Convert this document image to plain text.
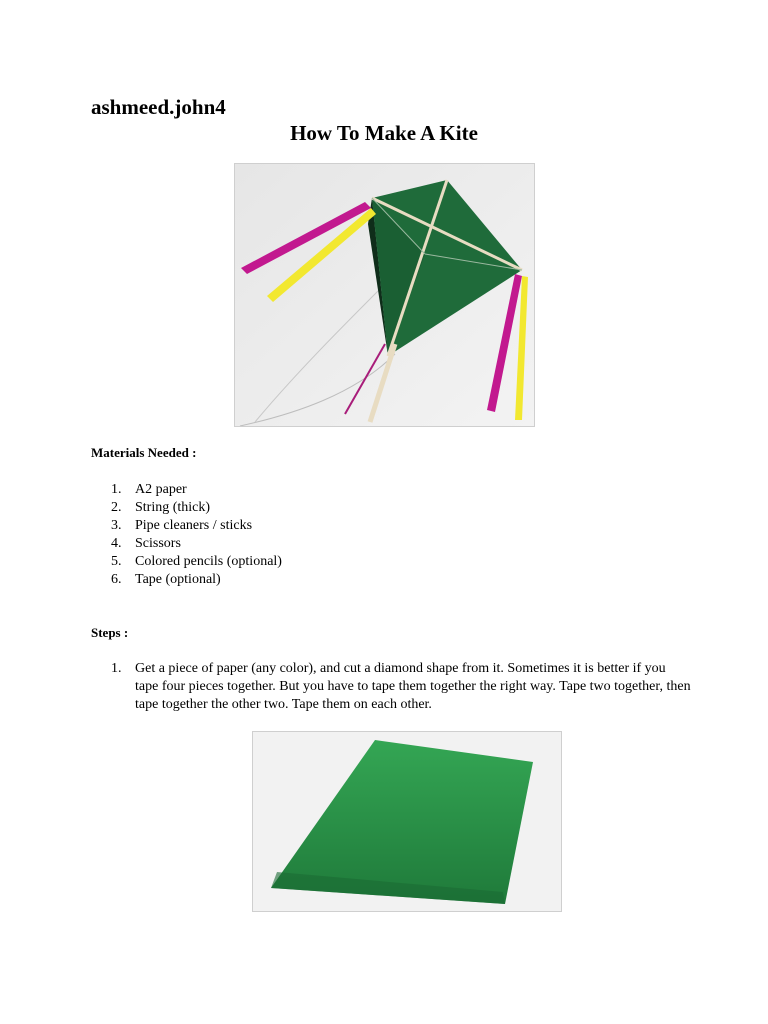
ashmeed.john4
How To Make A Kite
Materials Needed :
1. A2 paper
2. String (thick)
3. Pipe cleaners / sticks
4. Scissors
5. Colored pencils (optional)
6. Tape (optional)
Steps :
1. Get a piece of paper (any color), and cut a diamond shape from it. Sometimes it is better if you tape four pieces together. But you have to tape them together the right way. Tape two together, then tape together the other two. Tape them on each other.
